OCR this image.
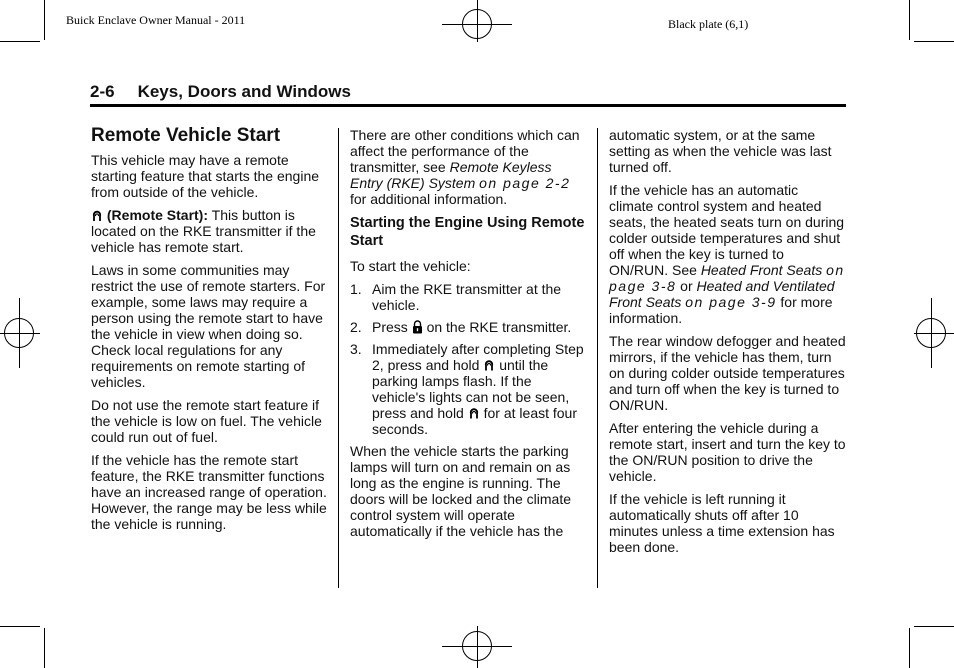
Buick Enclave Owner Manual - 2011	Black plate (6,1)
2-6 Keys, Doors and Windows
Remote Vehicle Start

This vehicle may have a remote starting feature that starts the engine from outside of the vehicle.

(Remote Start): This button is located on the RKE transmitter if the vehicle has remote start.

Laws in some communities may restrict the use of remote starters. For example, some laws may require a person using the remote start to have the vehicle in view when doing so. Check local regulations for any requirements on remote starting of vehicles.

Do not use the remote start feature if the vehicle is low on fuel. The vehicle could run out of fuel.

If the vehicle has the remote start feature, the RKE transmitter functions have an increased range of operation. However, the range may be less while the vehicle is running.

There are other conditions which can affect the performance of the transmitter, see Remote Keyless Entry (RKE) System on page 2-2 for additional information.

Starting the Engine Using Remote Start

To start the vehicle:

1. Aim the RKE transmitter at the vehicle.
2. Press on the RKE transmitter.
3. Immediately after completing Step 2, press and hold until the parking lamps flash. If the vehicle's lights can not be seen, press and hold for at least four seconds.

When the vehicle starts the parking lamps will turn on and remain on as long as the engine is running. The doors will be locked and the climate control system will operate automatically if the vehicle has the

automatic system, or at the same setting as when the vehicle was last turned off.

If the vehicle has an automatic climate control system and heated seats, the heated seats turn on during colder outside temperatures and shut off when the key is turned to ON/RUN. See Heated Front Seats on page 3-8 or Heated and Ventilated Front Seats on page 3-9 for more information.

The rear window defogger and heated mirrors, if the vehicle has them, turn on during colder outside temperatures and turn off when the key is turned to ON/RUN.

After entering the vehicle during a remote start, insert and turn the key to the ON/RUN position to drive the vehicle.

If the vehicle is left running it automatically shuts off after 10 minutes unless a time extension has been done.
